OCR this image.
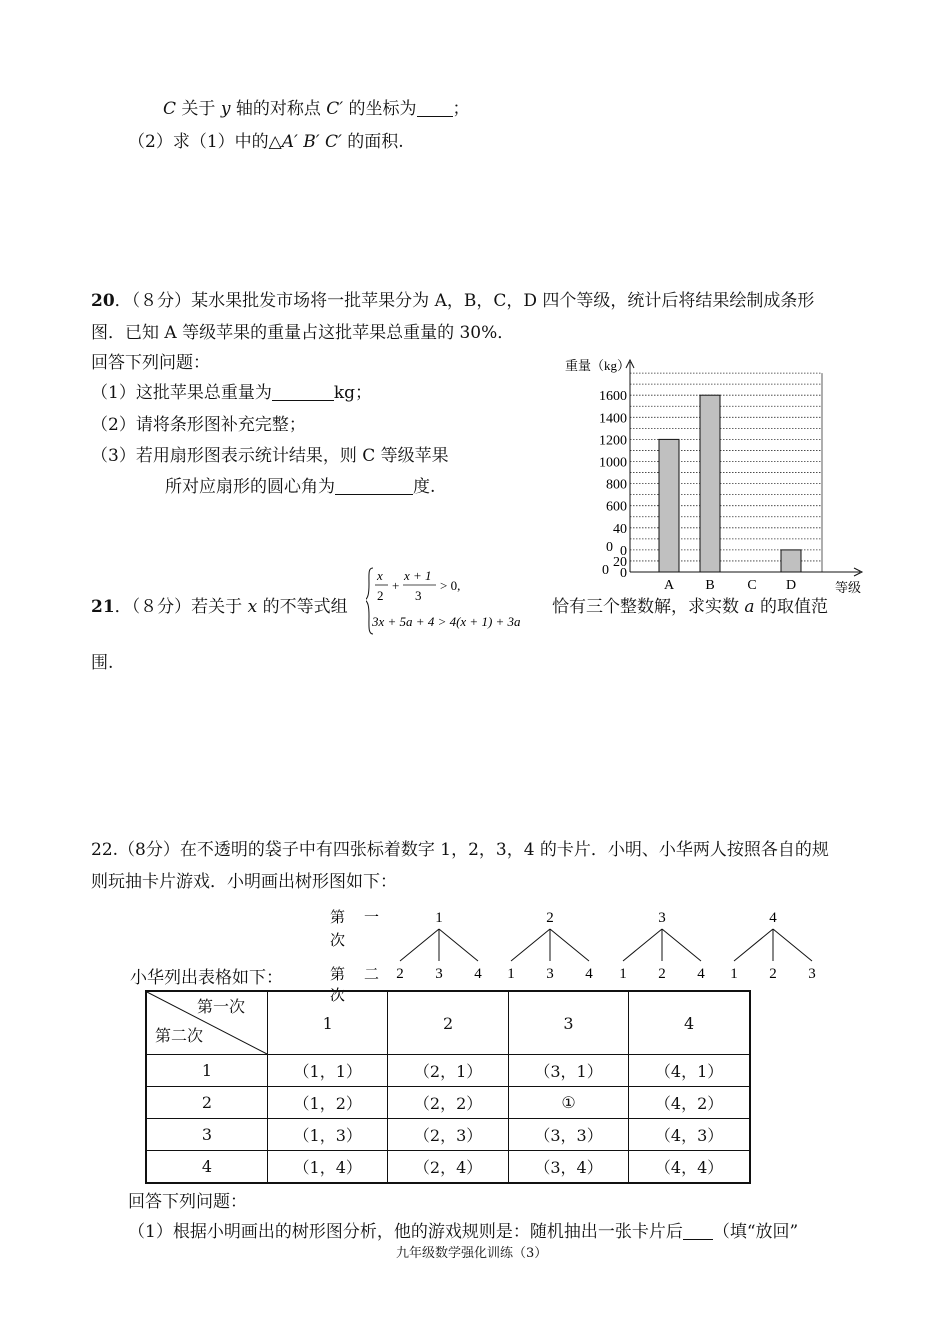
C 关于 y 轴的对称点 C′ 的坐标为 ；
（2）求（1）中的△A′ B′ C′ 的面积.
20．（８分）某水果批发市场将一批苹果分为 A，B，C，D 四个等级，统计后将结果绘制成条形
图．已知 A 等级苹果的重量占这批苹果总重量的 30%．
回答下列问题：
（1）这批苹果总重量为	kg；
（2）请将条形图补充完整；
（3）若用扇形图表示统计结果，则 C 等级苹果
所对应扇形的圆心角为	度.
1600
1400
1200
1000
800
600
40
0
20
0
0
0
A B C D
重量（kg）
等级
21．（８分）若关于 x 的不等式组
x
2
+
x + 1
3
> 0,
3x + 5a + 4 > 4(x + 1) + 3a
恰有三个整数解，求实数 a 的取值范
围.
22.（8分）在不透明的袋子中有四张标着数字 1，2，3，4 的卡片．小明、小华两人按照各自的规
则玩抽卡片游戏．小明画出树形图如下：
第 一
次
第 二
次
1
2 3 4
2
1 3 4
3
1 2 4
4
1 2 3
小华列出表格如下：
第一次
第二次	1	2	3	4
1	（1，1）	（2，1）	（3，1）	（4，1）
2	（1，2）	（2，2）	①	（4，2）
3	（1，3）	（2，3）	（3，3）	（4，3）
4	（1，4）	（2，4）	（3，4）	（4，4）
回答下列问题：
（1）根据小明画出的树形图分析，他的游戏规则是：随机抽出一张卡片后 （填“放回”
九年级数学强化训练（3）
